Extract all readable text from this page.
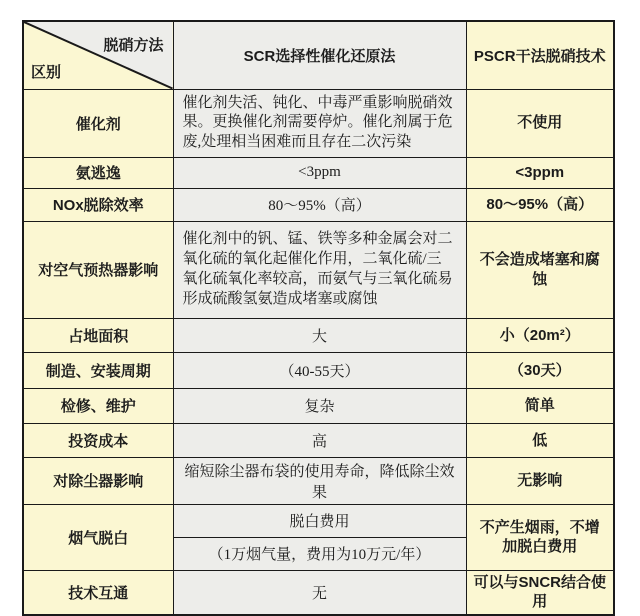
脱硝方法
区别	SCR选择性催化还原法	PSCR干法脱硝技术
催化剂	催化剂失活、钝化、中毒严重影响脱硝效果。更换催化剂需要停炉。催化剂属于危废,处理相当困难而且存在二次污染	不使用
氨逃逸	<3ppm	<3ppm
NOx脱除效率	80～95%（高）	80～95%（高）
对空气预热器影响	催化剂中的钒、锰、铁等多种金属会对二氧化硫的氧化起催化作用，二氧化硫/三氧化硫氧化率较高，而氨气与三氧化硫易形成硫酸氢氨造成堵塞或腐蚀	不会造成堵塞和腐蚀
占地面积	大	小（20m²）
制造、安装周期	（40-55天）	（30天）
检修、维护	复杂	简单
投资成本	高	低
对除尘器影响	缩短除尘器布袋的使用寿命，降低除尘效果	无影响
烟气脱白	脱白费用	不产生烟雨，不增加脱白费用
	（1万烟气量，费用为10万元/年）	
技术互通	无	可以与SNCR结合使用
